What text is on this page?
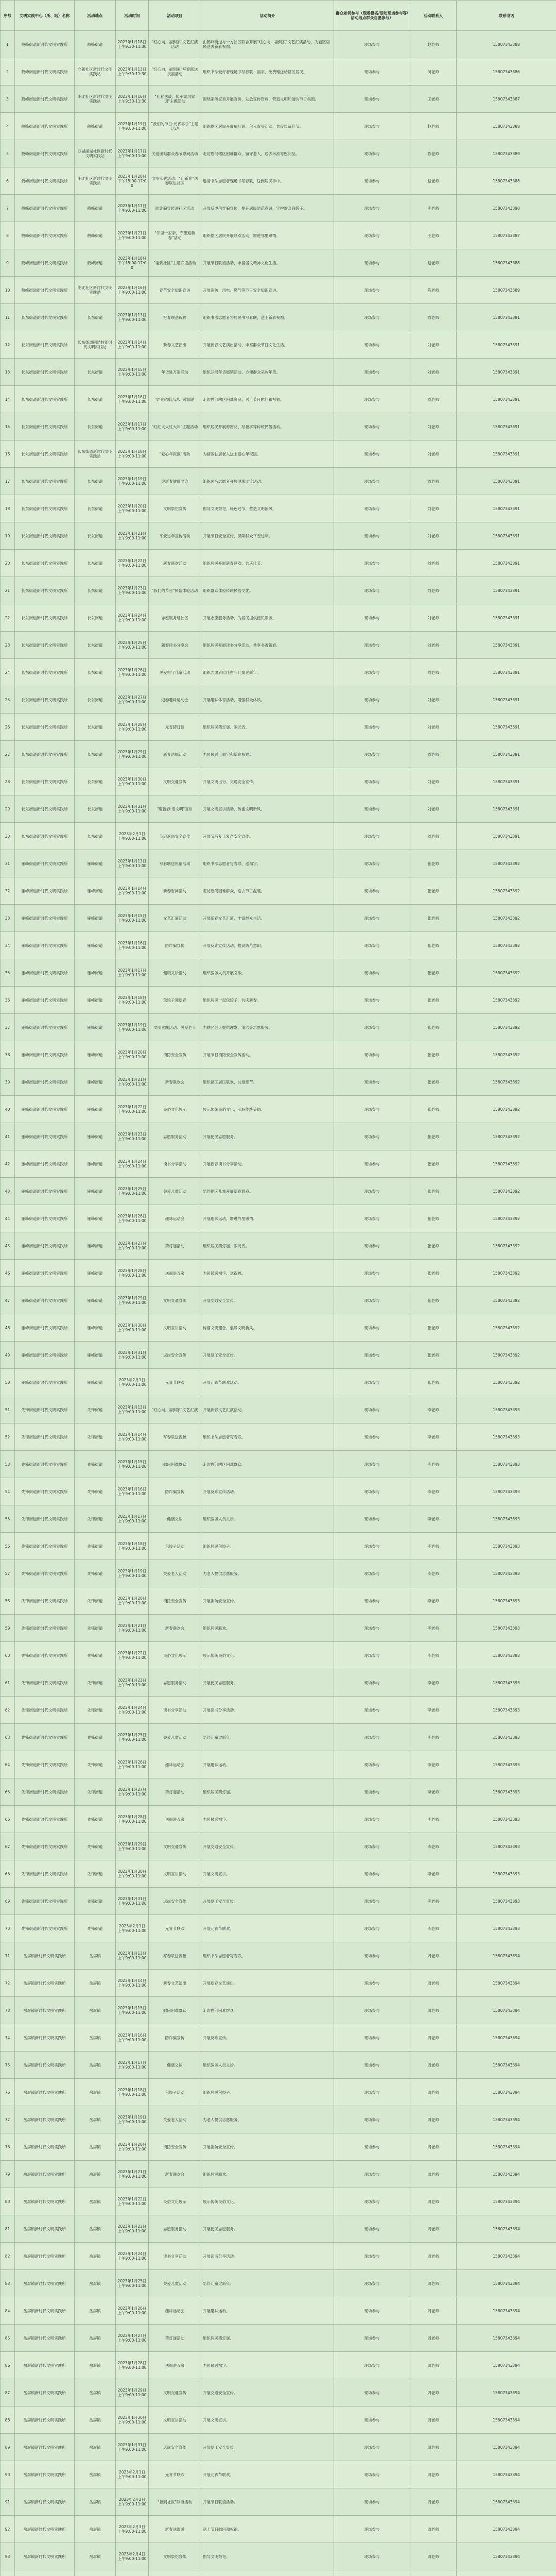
序号	文明实践中心（所、站）名称	活动地点	活动时间	活动项目	活动简介	群众如何参与（现场报名/活动现场参与等/活动地点群众自愿参与）	活动联系人	联系电话
1	鹤峰街道新时代文明实践所	鹤峰街道	2023年1月18日上午9:30-11:30	"红心向，福到家"文艺汇演活动	由鹤峰街道与一方社区联合开展"红心向，福到家"文艺汇演活动，为辖区居民送去新春祝福。	现场参与	赵老师	15807343388
2	鹤峰街道新时代文明实践所	立新社区新时代文明实践站	2023年1月13日上午9:30-11:30	"红心向，福到家"写春联送祝福活动	组织书法爱好者现场书写春联、福字，免费赠送给辖区居民。	现场参与	何老师	15807343386
3	鹤峰街道新时代文明实践所	湖北社区新时代文明实践站	2023年1月16日上午9:30-11:30	"迎春送暖、传承家风家训"主题活动	围绕家风家训开展宣讲，发放宣传资料，营造文明和谐的节日氛围。	现场参与	王老师	15807343387
4	鹤峰街道新时代文明实践所	鹤峰街道	2023年1月19日上午9:00-11:00	"我们的节日·元宵喜乐"主题活动	组织辖区居民开展猜灯谜、包元宵等活动，共度传统佳节。	现场参与	赵老师	15807343388
5	鹤峰街道新时代文明实践所	西湖湖湖社区新时代文明实践站	2023年1月17日上午9:00-11:00	关爱困难群众春节慰问活动	走访慰问辖区困难群众、留守老人，送去米油等慰问品。	现场参与	陈老师	15807343389
6	鹤峰街道新时代文明实践所	湖北社区新时代文明实践站	2023年1月20日下午15:00-17:00	文明实践活动："迎新春"送春联进社区	邀请书法志愿者现场书写春联，送到居民手中。	现场参与	赵老师	15807343388
7	鹤峰街道新时代文明实践所	鹤峰街道	2023年1月17日上午9:00-11:00	防诈骗宣传进社区活动	开展反电信诈骗宣传，提升居民防范意识，守护群众钱袋子。	现场参与	李老师	15807343390
8	鹤峰街道新时代文明实践所	鹤峰街道	2023年1月21日上午9:00-11:00	"邻里一家亲，守望迎新春"活动	组织辖区居民开展联欢活动，增进邻里感情。	现场参与	王老师	15807343387
9	鹤峰街道新时代文明实践所	鹤峰街道	2023年1月18日下午15:00-17:00	"福到社区"主题联谊活动	开展节日联谊活动，丰富居民精神文化生活。	现场参与	赵老师	15807343388
10	鹤峰街道新时代文明实践所	湖北社区新时代文明实践站	2023年1月16日上午9:00-11:00	春节安全知识宣讲	开展消防、用电、燃气等节日安全知识宣讲。	现场参与	陈老师	15807343389
11	长东街道新时代文明实践所	长东街道	2023年1月13日上午9:00-11:00	写春联送祝福	组织书法志愿者为居民书写春联，送上新春祝福。	现场参与	刘老师	15807343391
12	长东街道新时代文明实践所	长东街道团结村新时代文明实践站	2023年1月14日上午9:00-11:00	新春文艺演出	开展新春文艺演出活动，丰富群众节日文化生活。	现场参与	刘老师	15807343391
13	长东街道新时代文明实践所	长东街道	2023年1月15日上午9:00-11:00	年货进万家活动	组织开展年货展销活动，方便群众采购年货。	现场参与	刘老师	15807343391
14	长东街道新时代文明实践所	长东街道	2023年1月16日上午9:00-11:00	文明实践活动：送温暖	走访慰问辖区困难家庭，送上节日慰问和祝福。	现场参与	刘老师	15807343391
15	长东街道新时代文明实践所	长东街道	2023年1月17日上午9:00-11:00	"红红火火过大年"主题活动	组织居民开展剪窗花、写福字等传统民俗活动。	现场参与	刘老师	15807343391
16	长东街道新时代文明实践所	长东街道新时代文明实践站	2023年1月18日上午9:00-11:00	"爱心年夜饭"活动	为辖区独居老人送上爱心年夜饭。	现场参与	刘老师	15807343391
17	长东街道新时代文明实践所	长东街道	2023年1月19日上午9:00-11:00	迎新春健康义诊	组织医务志愿者开展健康义诊活动。	现场参与	刘老师	15807343391
18	长东街道新时代文明实践所	长东街道	2023年1月20日上午9:00-11:00	文明祭祀宣传	倡导文明祭祀、绿色过节，营造文明新风。	现场参与	刘老师	15807343391
19	长东街道新时代文明实践所	长东街道	2023年1月21日上午9:00-11:00	平安过年宣传活动	开展节日安全宣传，保障群众平安过年。	现场参与	刘老师	15807343391
20	长东街道新时代文明实践所	长东街道	2023年1月22日上午9:00-11:00	新春联欢活动	组织居民开展新春联欢，共庆佳节。	现场参与	刘老师	15807343391
21	长东街道新时代文明实践所	长东街道	2023年1月23日上午9:00-11:00	"我们的节日"民俗体验活动	组织群众体验传统民俗文化。	现场参与	刘老师	15807343391
22	长东街道新时代文明实践所	长东街道	2023年1月24日上午9:00-11:00	志愿服务进社区	开展志愿服务活动，为居民提供便民服务。	现场参与	刘老师	15807343391
23	长东街道新时代文明实践所	长东街道	2023年1月25日上午9:00-11:00	新春读书分享会	组织居民开展读书分享活动，共享书香新春。	现场参与	刘老师	15807343391
24	长东街道新时代文明实践所	长东街道	2023年1月26日上午9:00-11:00	关爱留守儿童活动	组织志愿者陪伴留守儿童过新年。	现场参与	刘老师	15807343391
25	长东街道新时代文明实践所	长东街道	2023年1月27日上午9:00-11:00	迎春趣味运动会	开展趣味体育活动，增强群众体质。	现场参与	刘老师	15807343391
26	长东街道新时代文明实践所	长东街道	2023年1月28日上午9:00-11:00	元宵猜灯谜	组织居民猜灯谜、闹元宵。	现场参与	刘老师	15807343391
27	长东街道新时代文明实践所	长东街道	2023年1月29日上午9:00-11:00	新春送福活动	为居民送上福字和新春祝福。	现场参与	刘老师	15807343391
28	长东街道新时代文明实践所	长东街道	2023年1月30日上午9:00-11:00	文明交通宣传	开展文明出行、交通安全宣传。	现场参与	刘老师	15807343391
29	长东街道新时代文明实践所	长东街道	2023年1月31日上午9:00-11:00	"迎新春·话文明"宣讲	开展文明宣讲活动，传播文明新风。	现场参与	刘老师	15807343391
30	长东街道新时代文明实践所	长东街道	2023年2月1日上午9:00-11:00	节后返岗安全宣传	开展节后复工复产安全宣传。	现场参与	刘老师	15807343391
31	雁峰街道新时代文明实践所	雁峰街道	2023年1月13日上午9:00-11:00	写春联送祝福活动	组织书法志愿者写春联、送福字。	现场参与	张老师	15807343392
32	雁峰街道新时代文明实践所	雁峰街道	2023年1月14日上午9:00-11:00	新春慰问活动	走访慰问困难群众，送去节日温暖。	现场参与	张老师	15807343392
33	雁峰街道新时代文明实践所	雁峰街道	2023年1月15日上午9:00-11:00	文艺汇演活动	开展新春文艺汇演，丰富群众生活。	现场参与	张老师	15807343392
34	雁峰街道新时代文明实践所	雁峰街道	2023年1月16日上午9:00-11:00	防诈骗宣传	开展反诈宣传活动，提高防范意识。	现场参与	张老师	15807343392
35	雁峰街道新时代文明实践所	雁峰街道	2023年1月17日上午9:00-11:00	健康义诊活动	组织医务人员开展义诊。	现场参与	张老师	15807343392
36	雁峰街道新时代文明实践所	雁峰街道	2023年1月18日上午9:00-11:00	包饺子迎新春	组织居民一起包饺子，共庆新春。	现场参与	张老师	15807343392
37	雁峰街道新时代文明实践所	雁峰街道	2023年1月19日上午9:00-11:00	文明实践活动：关爱老人	为辖区老人提供理发、清洁等志愿服务。	现场参与	张老师	15807343392
38	雁峰街道新时代文明实践所	雁峰街道	2023年1月20日上午9:00-11:00	消防安全宣传	开展节日消防安全宣传活动。	现场参与	张老师	15807343392
39	雁峰街道新时代文明实践所	雁峰街道	2023年1月21日上午9:00-11:00	新春联欢会	组织辖区居民联欢，共度佳节。	现场参与	张老师	15807343392
40	雁峰街道新时代文明实践所	雁峰街道	2023年1月22日上午9:00-11:00	民俗文化展示	展示传统民俗文化，弘扬传统美德。	现场参与	张老师	15807343392
41	雁峰街道新时代文明实践所	雁峰街道	2023年1月23日上午9:00-11:00	志愿服务活动	开展便民志愿服务。	现场参与	张老师	15807343392
42	雁峰街道新时代文明实践所	雁峰街道	2023年1月24日上午9:00-11:00	读书分享活动	开展新春读书分享活动。	现场参与	张老师	15807343392
43	雁峰街道新时代文明实践所	雁峰街道	2023年1月25日上午9:00-11:00	关爱儿童活动	陪伴辖区儿童开展新春游戏。	现场参与	张老师	15807343392
44	雁峰街道新时代文明实践所	雁峰街道	2023年1月26日上午9:00-11:00	趣味运动会	开展趣味运动，增进邻里感情。	现场参与	张老师	15807343392
45	雁峰街道新时代文明实践所	雁峰街道	2023年1月27日上午9:00-11:00	猜灯谜活动	组织居民猜灯谜、闹元宵。	现场参与	张老师	15807343392
46	雁峰街道新时代文明实践所	雁峰街道	2023年1月28日上午9:00-11:00	送福进万家	为居民送福字、送祝福。	现场参与	张老师	15807343392
47	雁峰街道新时代文明实践所	雁峰街道	2023年1月29日上午9:00-11:00	文明交通宣传	开展交通安全宣传。	现场参与	张老师	15807343392
48	雁峰街道新时代文明实践所	雁峰街道	2023年1月30日上午9:00-11:00	文明宣讲活动	传播文明理念，倡导文明新风。	现场参与	张老师	15807343392
49	雁峰街道新时代文明实践所	雁峰街道	2023年1月31日上午9:00-11:00	返岗安全宣传	开展复工安全宣传。	现场参与	张老师	15807343392
50	雁峰街道新时代文明实践所	雁峰街道	2023年2月1日上午9:00-11:00	元宵节联欢	开展元宵节联欢活动。	现场参与	张老师	15807343392
51	先锋街道新时代文明实践所	先锋街道	2023年1月13日上午9:00-11:00	"红心向，福到家"文艺汇演	开展新春文艺汇演活动。	现场参与	李老师	15807343393
52	先锋街道新时代文明实践所	先锋街道	2023年1月14日上午9:00-11:00	写春联送祝福	组织书法志愿者写春联。	现场参与	李老师	15807343393
53	先锋街道新时代文明实践所	先锋街道	2023年1月15日上午9:00-11:00	慰问困难群众	走访慰问辖区困难群众。	现场参与	李老师	15807343393
54	先锋街道新时代文明实践所	先锋街道	2023年1月16日上午9:00-11:00	防诈骗宣传	开展反诈宣传活动。	现场参与	李老师	15807343393
55	先锋街道新时代文明实践所	先锋街道	2023年1月17日上午9:00-11:00	健康义诊	组织医务人员义诊。	现场参与	李老师	15807343393
56	先锋街道新时代文明实践所	先锋街道	2023年1月18日上午9:00-11:00	包饺子活动	组织居民包饺子。	现场参与	李老师	15807343393
57	先锋街道新时代文明实践所	先锋街道	2023年1月19日上午9:00-11:00	关爱老人活动	为老人提供志愿服务。	现场参与	李老师	15807343393
58	先锋街道新时代文明实践所	先锋街道	2023年1月20日上午9:00-11:00	消防安全宣传	开展消防安全宣传。	现场参与	李老师	15807343393
59	先锋街道新时代文明实践所	先锋街道	2023年1月21日上午9:00-11:00	新春联欢会	组织居民联欢。	现场参与	李老师	15807343393
60	先锋街道新时代文明实践所	先锋街道	2023年1月22日上午9:00-11:00	民俗文化展示	展示传统民俗文化。	现场参与	李老师	15807343393
61	先锋街道新时代文明实践所	先锋街道	2023年1月23日上午9:00-11:00	志愿服务活动	开展便民志愿服务。	现场参与	李老师	15807343393
62	先锋街道新时代文明实践所	先锋街道	2023年1月24日上午9:00-11:00	读书分享活动	开展读书分享活动。	现场参与	李老师	15807343393
63	先锋街道新时代文明实践所	先锋街道	2023年1月25日上午9:00-11:00	关爱儿童活动	陪伴儿童过新年。	现场参与	李老师	15807343393
64	先锋街道新时代文明实践所	先锋街道	2023年1月26日上午9:00-11:00	趣味运动会	开展趣味运动。	现场参与	李老师	15807343393
65	先锋街道新时代文明实践所	先锋街道	2023年1月27日上午9:00-11:00	猜灯谜活动	组织居民猜灯谜。	现场参与	李老师	15807343393
66	先锋街道新时代文明实践所	先锋街道	2023年1月28日上午9:00-11:00	送福进万家	为居民送福字。	现场参与	李老师	15807343393
67	先锋街道新时代文明实践所	先锋街道	2023年1月29日上午9:00-11:00	文明交通宣传	开展交通安全宣传。	现场参与	李老师	15807343393
68	先锋街道新时代文明实践所	先锋街道	2023年1月30日上午9:00-11:00	文明宣讲活动	开展文明宣讲。	现场参与	李老师	15807343393
69	先锋街道新时代文明实践所	先锋街道	2023年1月31日上午9:00-11:00	返岗安全宣传	开展复工安全宣传。	现场参与	李老师	15807343393
70	先锋街道新时代文明实践所	先锋街道	2023年2月1日上午9:00-11:00	元宵节联欢	开展元宵节联欢。	现场参与	李老师	15807343393
71	岳屏镇新时代文明实践所	岳屏镇	2023年1月13日上午9:00-11:00	写春联送祝福	组织书法志愿者写春联。	现场参与	周老师	15807343394
72	岳屏镇新时代文明实践所	岳屏镇	2023年1月14日上午9:00-11:00	新春文艺演出	开展新春文艺演出。	现场参与	周老师	15807343394
73	岳屏镇新时代文明实践所	岳屏镇	2023年1月15日上午9:00-11:00	慰问困难群众	走访慰问困难群众。	现场参与	周老师	15807343394
74	岳屏镇新时代文明实践所	岳屏镇	2023年1月16日上午9:00-11:00	防诈骗宣传	开展反诈宣传。	现场参与	周老师	15807343394
75	岳屏镇新时代文明实践所	岳屏镇	2023年1月17日上午9:00-11:00	健康义诊	组织医务人员义诊。	现场参与	周老师	15807343394
76	岳屏镇新时代文明实践所	岳屏镇	2023年1月18日上午9:00-11:00	包饺子活动	组织居民包饺子。	现场参与	周老师	15807343394
77	岳屏镇新时代文明实践所	岳屏镇	2023年1月19日上午9:00-11:00	关爱老人活动	为老人提供志愿服务。	现场参与	周老师	15807343394
78	岳屏镇新时代文明实践所	岳屏镇	2023年1月20日上午9:00-11:00	消防安全宣传	开展消防安全宣传。	现场参与	周老师	15807343394
79	岳屏镇新时代文明实践所	岳屏镇	2023年1月21日上午9:00-11:00	新春联欢会	组织居民联欢。	现场参与	周老师	15807343394
80	岳屏镇新时代文明实践所	岳屏镇	2023年1月22日上午9:00-11:00	民俗文化展示	展示传统民俗文化。	现场参与	周老师	15807343394
81	岳屏镇新时代文明实践所	岳屏镇	2023年1月23日上午9:00-11:00	志愿服务活动	开展便民志愿服务。	现场参与	周老师	15807343394
82	岳屏镇新时代文明实践所	岳屏镇	2023年1月24日上午9:00-11:00	读书分享活动	开展读书分享活动。	现场参与	周老师	15807343394
83	岳屏镇新时代文明实践所	岳屏镇	2023年1月25日上午9:00-11:00	关爱儿童活动	陪伴儿童过新年。	现场参与	周老师	15807343394
84	岳屏镇新时代文明实践所	岳屏镇	2023年1月26日上午9:00-11:00	趣味运动会	开展趣味运动。	现场参与	周老师	15807343394
85	岳屏镇新时代文明实践所	岳屏镇	2023年1月27日上午9:00-11:00	猜灯谜活动	组织居民猜灯谜。	现场参与	周老师	15807343394
86	岳屏镇新时代文明实践所	岳屏镇	2023年1月28日上午9:00-11:00	送福进万家	为居民送福字。	现场参与	周老师	15807343394
87	岳屏镇新时代文明实践所	岳屏镇	2023年1月29日上午9:00-11:00	文明交通宣传	开展交通安全宣传。	现场参与	周老师	15807343394
88	岳屏镇新时代文明实践所	岳屏镇	2023年1月30日上午9:00-11:00	文明宣讲活动	开展文明宣讲。	现场参与	周老师	15807343394
89	岳屏镇新时代文明实践所	岳屏镇	2023年1月31日上午9:00-11:00	返岗安全宣传	开展复工安全宣传。	现场参与	周老师	15807343394
90	岳屏镇新时代文明实践所	岳屏镇	2023年2月1日上午9:00-11:00	元宵节联欢	开展元宵节联欢。	现场参与	周老师	15807343394
91	岳屏镇新时代文明实践所	岳屏镇	2023年2月2日上午9:00-11:00	"福到社区"联谊活动	开展节日联谊活动。	现场参与	周老师	15807343394
92	岳屏镇新时代文明实践所	岳屏镇	2023年2月3日上午9:00-11:00	新春送温暖	送上节日慰问和祝福。	现场参与	周老师	15807343394
93	岳屏镇新时代文明实践所	岳屏镇	2023年2月4日上午9:00-11:00	文明祭祀宣传	倡导文明祭祀。	现场参与	周老师	15807343394
